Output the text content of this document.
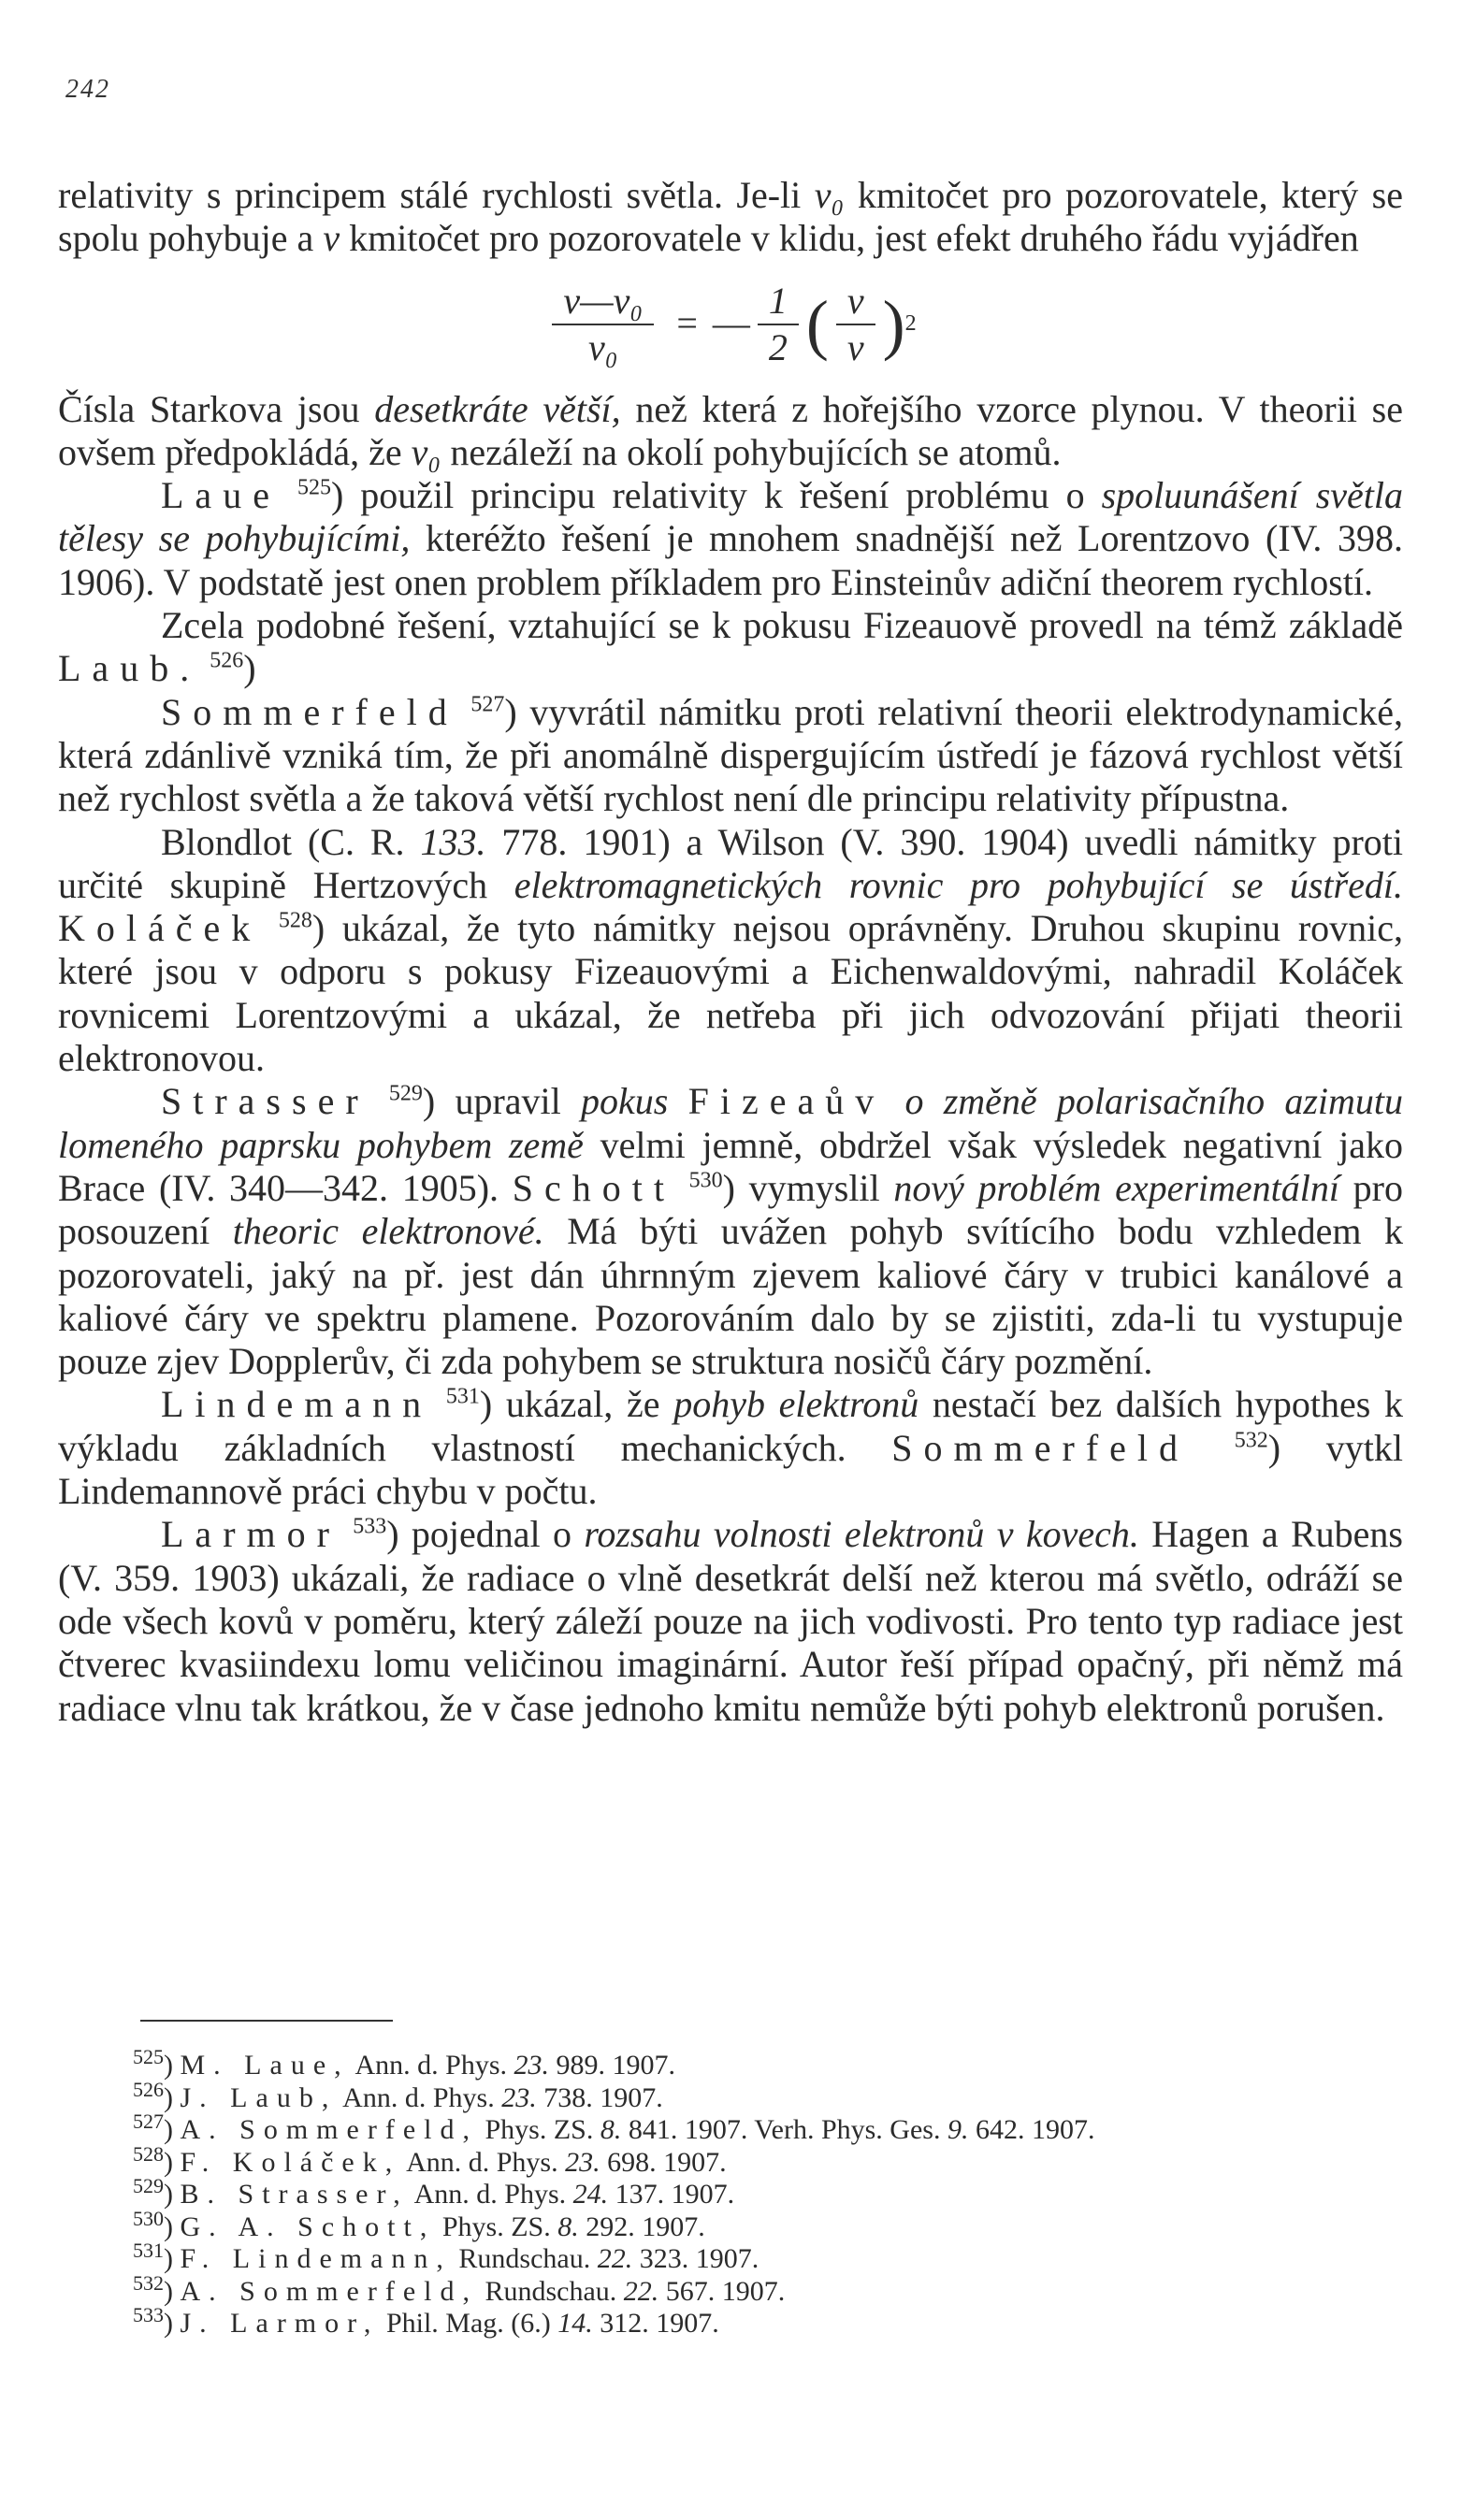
242

relativity s principem stálé rychlosti světla. Je-li ν₀ kmitočet pro pozorovatele, který se spolu pohybuje a ν kmitočet pro pozorovatele v klidu, jest efekt druhého řádu vyjádřen

$\frac{\text{ν—ν₀}}{\text{ν₀}}$ = — $\frac{1}{2}$ ( $\frac{v}{\nu}$ ) 2

Čísla Starkova jsou desetkráte větší, než která z hořejšího vzorce plynou. V theorii se ovšem předpokládá, že ν₀ nezáleží na okolí pohybujících se atomů.

Laue $^{525}$) použil principu relativity k řešení problému o spoluunášení světla tělesy se pohybujícími, kteréžto řešení je mnohem snadnější než Lorentzovo (IV. 398. 1906). V podstatě jest onen problem příkladem pro Einsteinův adiční theorem rychlostí.

Zcela podobné řešení, vztahující se k pokusu Fizeauově provedl na témž základě Laub. $^{526}$)

Sommerfeld $^{527}$) vyvrátil námitku proti relativní theorii elektrodynamické, která zdánlivě vzniká tím, že při anomálně dispergujícím ústředí je fázová rychlost větší než rychlost světla a že taková větší rychlost není dle principu relativity přípustna.

Blondlot (C. R. 133. 778. 1901) a Wilson (V. 390. 1904) uvedli námitky proti určité skupině Hertzových elektromagnetických rovnic pro pohybující se ústředí. Koláček $^{528}$) ukázal, že tyto námitky nejsou oprávněny. Druhou skupinu rovnic, které jsou v odporu s pokusy Fizeauovými a Eichenwaldovými, nahradil Koláček rovnicemi Lorentzovými a ukázal, že netřeba při jich odvozování přijati theorii elektronovou.

Strasser $^{529}$) upravil pokus Fizeaův o změně polarisačního azimutu lomeného paprsku pohybem země velmi jemně, obdržel však výsledek negativní jako Brace (IV. 340—342. 1905). Schott $^{530}$) vymyslil nový problém experimentální pro posouzení theoric elektronové. Má býti uvážen pohyb svítícího bodu vzhledem k pozorovateli, jaký na př. jest dán úhrnným zjevem kaliové čáry v trubici kanálové a kaliové čáry ve spektru plamene. Pozorováním dalo by se zjistiti, zda-li tu vystupuje pouze zjev Dopplerův, či zda pohybem se struktura nosičů čáry pozmění.

Lindemann $^{531}$) ukázal, že pohyb elektronů nestačí bez dalších hypothes k výkladu základních vlastností mechanických. Sommerfeld $^{532}$) vytkl Lindemannově práci chybu v počtu.

Larmor $^{533}$) pojednal o rozsahu volnosti elektronů v kovech. Hagen a Rubens (V. 359. 1903) ukázali, že radiace o vlně desetkrát delší než kterou má světlo, odráží se ode všech kovů v poměru, který záleží pouze na jich vodivosti. Pro tento typ radiace jest čtverec kvasiindexu lomu veličinou imaginární. Autor řeší případ opačný, při němž má radiace vlnu tak krátkou, že v čase jednoho kmitu nemůže býti pohyb elektronů porušen.

$^{525}$) M. Laue, Ann. d. Phys. 23. 989. 1907.

$^{526}$) J. Laub, Ann. d. Phys. 23. 738. 1907.

$^{527}$) A. Sommerfeld, Phys. ZS. 8. 841. 1907. Verh. Phys. Ges. 9. 642. 1907.

$^{528}$) F. Koláček, Ann. d. Phys. 23. 698. 1907.

$^{529}$) B. Strasser, Ann. d. Phys. 24. 137. 1907.

$^{530}$) G. A. Schott, Phys. ZS. 8. 292. 1907.

$^{531}$) F. Lindemann, Rundschau. 22. 323. 1907.

$^{532}$) A. Sommerfeld, Rundschau. 22. 567. 1907.

$^{533}$) J. Larmor, Phil. Mag. (6.) 14. 312. 1907.
